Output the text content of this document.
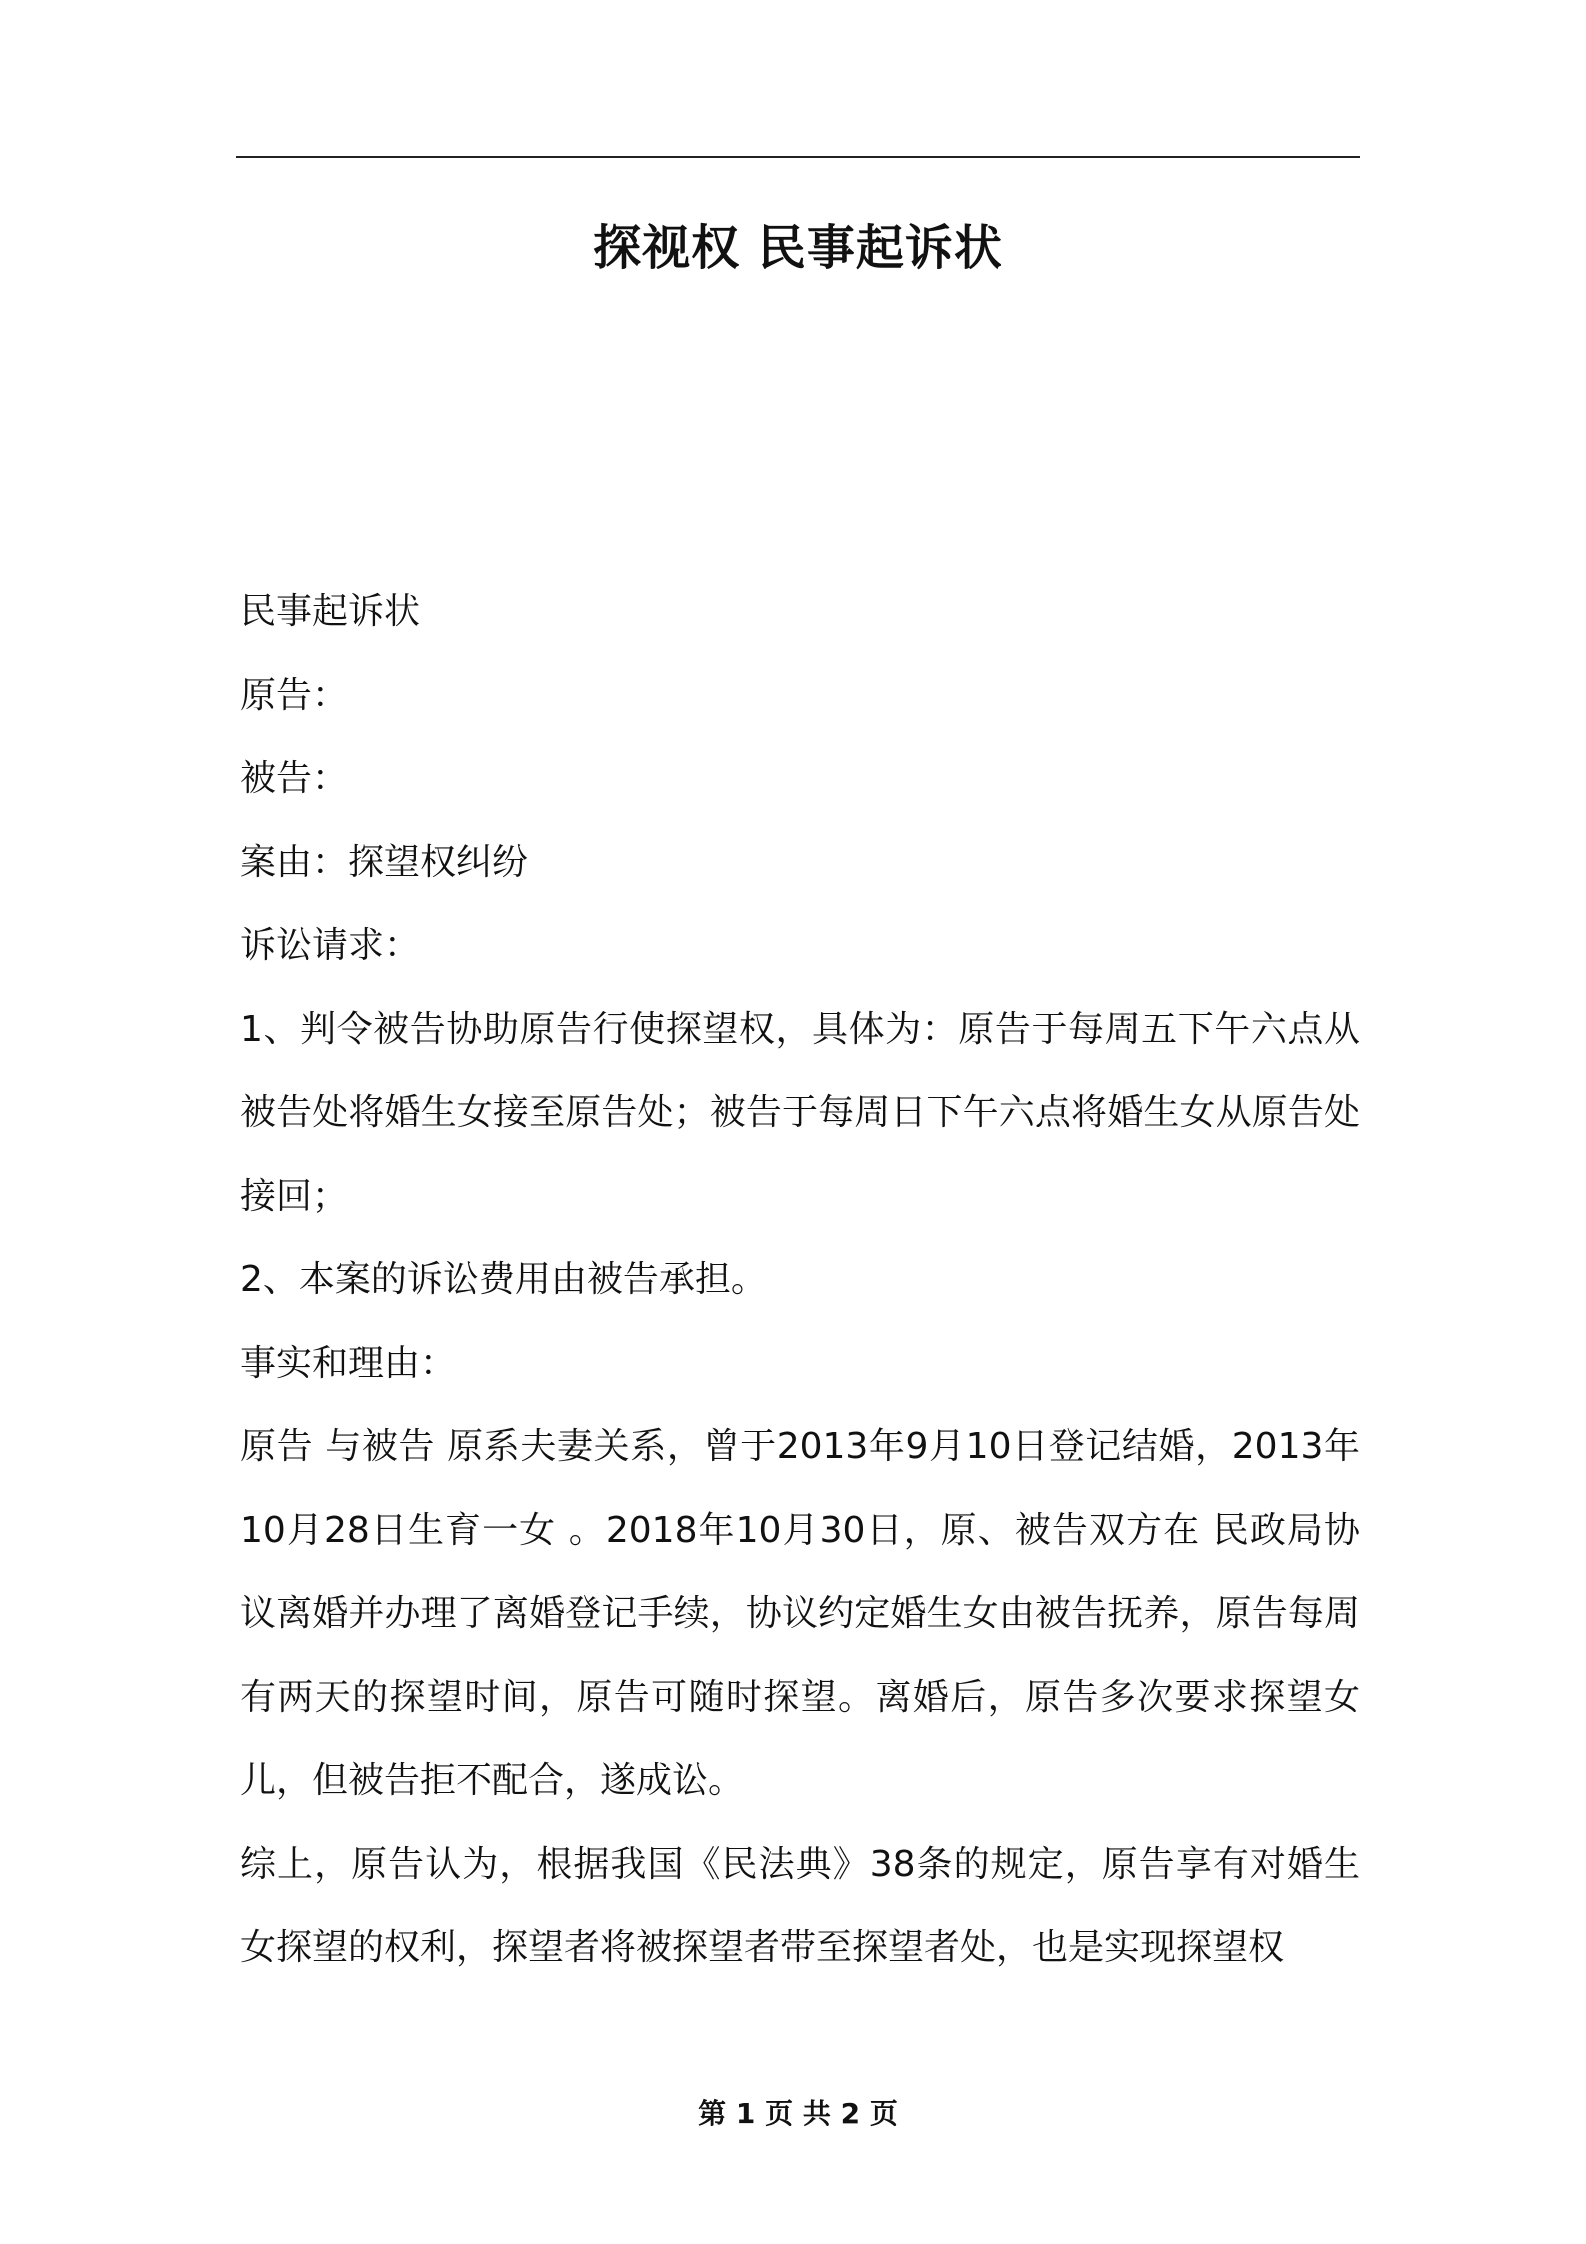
探视权 民事起诉状

民事起诉状

原告：

被告：

案由：探望权纠纷

诉讼请求：

1、判令被告协助原告行使探望权，具体为：原告于每周五下午六点从被告处将婚生女接至原告处；被告于每周日下午六点将婚生女从原告处接回；

2、本案的诉讼费用由被告承担。

事实和理由：

原告 与被告 原系夫妻关系，曾于2013年9月10日登记结婚，2013年10月28日生育一女 。2018年10月30日，原、被告双方在 民政局协议离婚并办理了离婚登记手续，协议约定婚生女由被告抚养，原告每周有两天的探望时间，原告可随时探望。离婚后，原告多次要求探望女儿，但被告拒不配合，遂成讼。

综上，原告认为，根据我国《民法典》38条的规定，原告享有对婚生女探望的权利，探望者将被探望者带至探望者处，也是实现探望权

第 1 页 共 2 页
